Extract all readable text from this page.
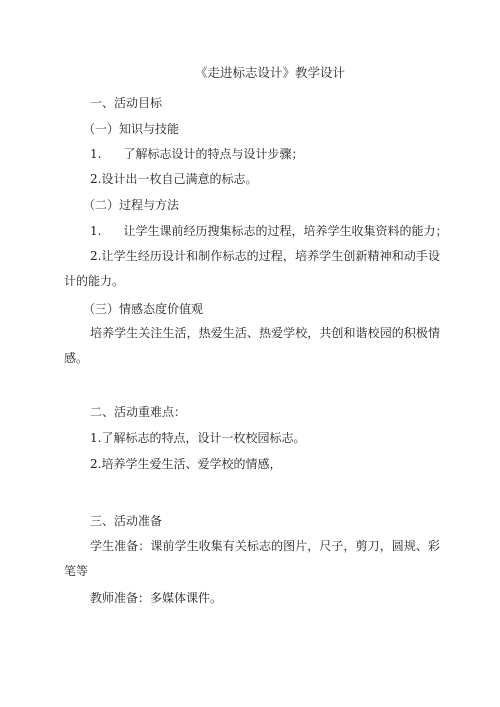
《走进标志设计》教学设计
一、活动目标
（一）知识与技能
1. 了解标志设计的特点与设计步骤；
2.设计出一枚自己满意的标志。
（二）过程与方法
1. 让学生课前经历搜集标志的过程，培养学生收集资料的能力；
2.让学生经历设计和制作标志的过程，培养学生创新精神和动手设计的能力。
（三）情感态度价值观
培养学生关注生活，热爱生活、热爱学校，共创和谐校园的积极情感。
二、活动重难点：
1.了解标志的特点，设计一枚校园标志。
2.培养学生爱生活、爱学校的情感，
三、活动准备
学生准备：课前学生收集有关标志的图片，尺子，剪刀，圆规、彩笔等
教师准备：多媒体课件。
